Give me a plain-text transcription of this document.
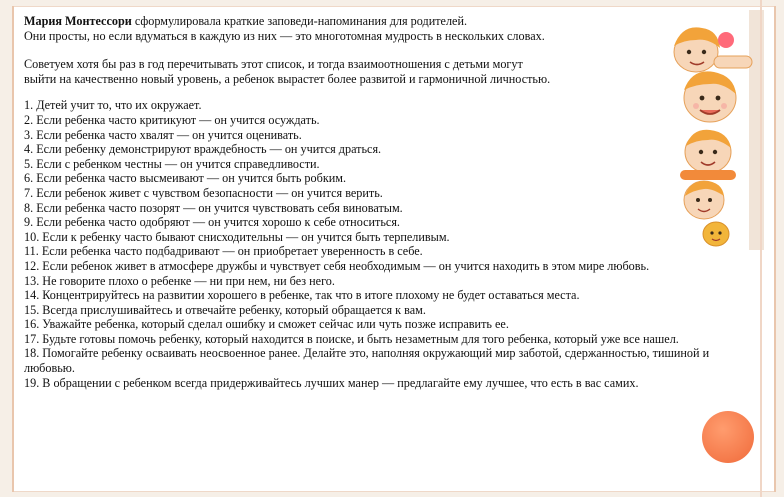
Мария Монтессори сформулировала краткие заповеди-напоминания для родителей.

Они просты, но если вдуматься в каждую из них — это многотомная мудрость в нескольких словах.

Советуем хотя бы раз в год перечитывать этот список, и тогда взаимоотношения с детьми могут

выйти на качественно новый уровень, а ребенок вырастет более развитой и гармоничной личностью.

1. Детей учит то, что их окружает.

2. Если ребенка часто критикуют — он учится осуждать.

3. Если ребенка часто хвалят — он учится оценивать.

4. Если ребенку демонстрируют враждебность — он учится драться.

5. Если с ребенком честны — он учится справедливости.

6. Если ребенка часто высмеивают — он учится быть робким.

7. Если ребенок живет с чувством безопасности — он учится верить.

8. Если ребенка часто позорят — он учится чувствовать себя виноватым.

9. Если ребенка часто одобряют — он учится хорошо к себе относиться.

10. Если к ребенку часто бывают снисходительны — он учится быть терпеливым.

11. Если ребенка часто подбадривают — он приобретает уверенность в себе.

12. Если ребенок живет в атмосфере дружбы и чувствует себя необходимым — он учится находить в этом мире любовь.

13. Не говорите плохо о ребенке — ни при нем, ни без него.

14. Концентрируйтесь на развитии хорошего в ребенке, так что в итоге плохому не будет оставаться места.

15. Всегда прислушивайтесь и отвечайте ребенку, который обращается к вам.

16. Уважайте ребенка, который сделал ошибку и сможет сейчас или чуть позже исправить ее.

17. Будьте готовы помочь ребенку, который находится в поиске, и быть незаметным для того ребенка, который уже все нашел.

18. Помогайте ребенку осваивать неосвоенное ранее. Делайте это, наполняя окружающий мир заботой, сдержанностью, тишиной и любовью.

19. В обращении с ребенком всегда придерживайтесь лучших манер — предлагайте ему лучшее, что есть в вас самих.
